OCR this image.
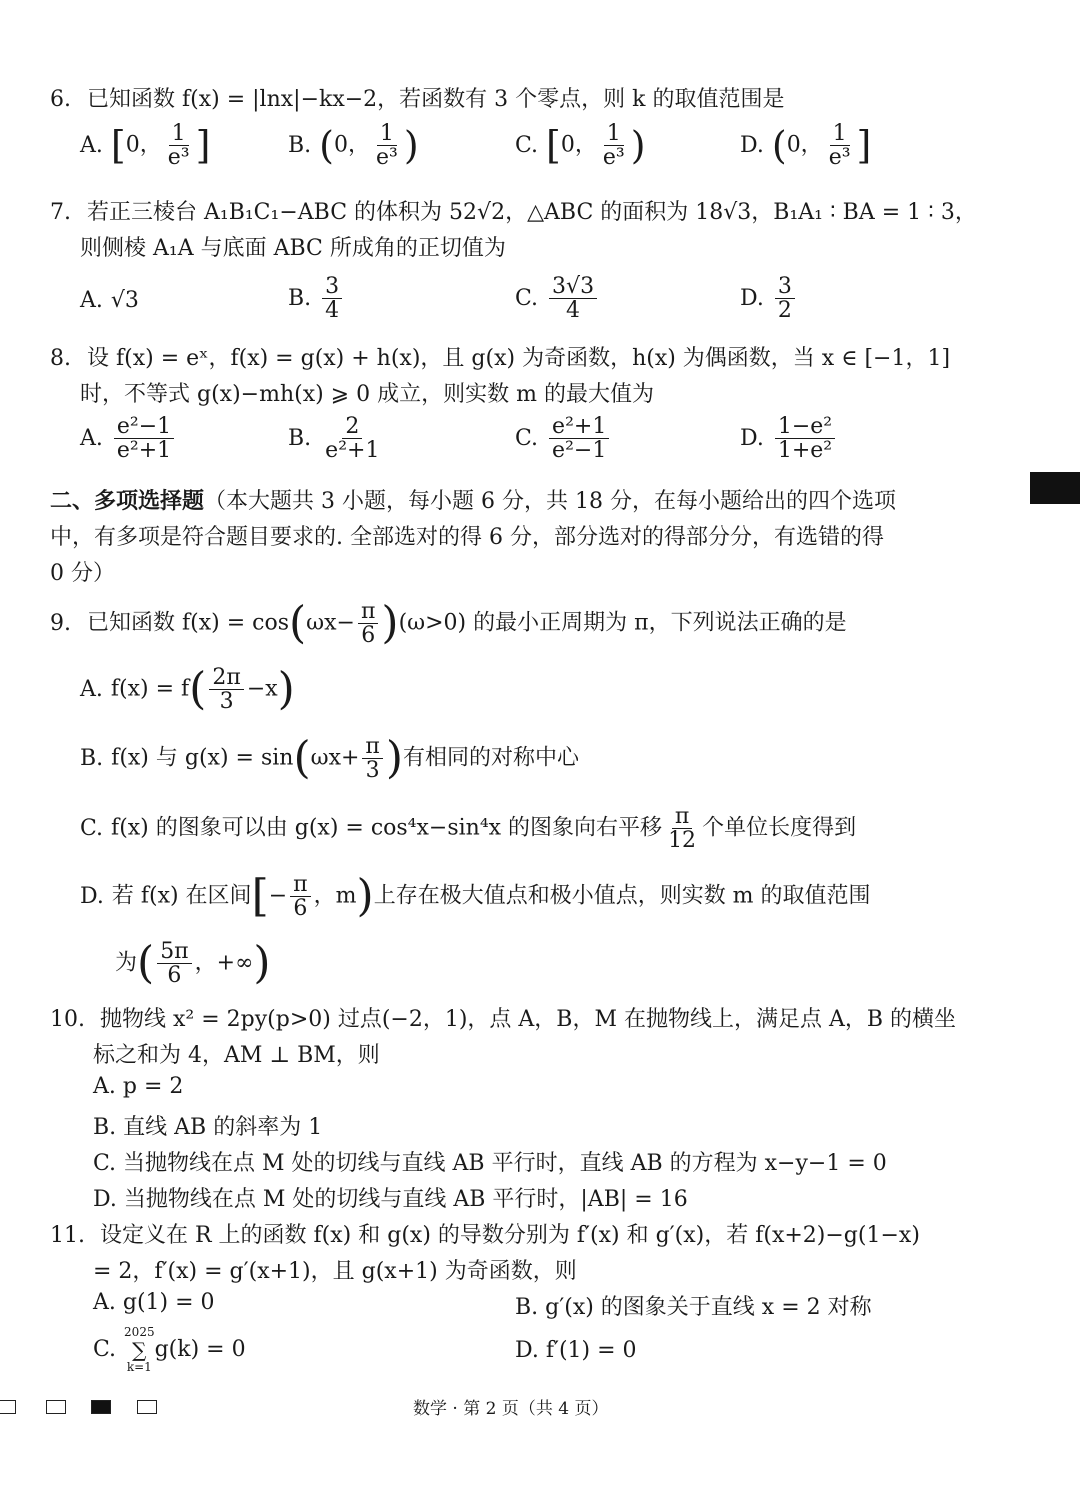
6. 已知函数 f(x) = |lnx|−kx−2，若函数有 3 个零点，则 k 的取值范围是
A. [0， $\frac{1}{\text{e³}}$ ]	B. (0， $\frac{1}{\text{e³}}$ )	C. [0， $\frac{1}{\text{e³}}$ )	D. (0， $\frac{1}{\text{e³}}$ ]
7. 若正三棱台 A₁B₁C₁−ABC 的体积为 52√2，△ABC 的面积为 18√3，B₁A₁ ∶ BA = 1 ∶ 3，
则侧棱 A₁A 与底面 ABC 所成角的正切值为
A. √3	B. $\frac{3}{4}$	C. $\frac{3√3}{4}$	D. $\frac{3}{2}$
8. 设 f(x) = eˣ，f(x) = g(x) + h(x)，且 g(x) 为奇函数，h(x) 为偶函数，当 x ∈ [−1，1]
时，不等式 g(x)−mh(x) ⩾ 0 成立，则实数 m 的最大值为
A. $\frac{\text{e²−1}}{\text{e²+1}}$	B. $\frac{2}{\text{e²+1}}$	C. $\frac{\text{e²+1}}{\text{e²−1}}$	D. $\frac{\text{1−e²}}{\text{1+e²}}$
二、多项选择题（本大题共 3 小题，每小题 6 分，共 18 分，在每小题给出的四个选项
中，有多项是符合题目要求的. 全部选对的得 6 分，部分选对的得部分分，有选错的得
0 分）
9. 已知函数 $f(x) = \cos(\omega x- \frac{\pi}{6} )(\omega>0)$ 的最小正周期为 π，下列说法正确的是
A. $f(x) = f( \frac{2\pi}{3} -x)$
B. f(x) 与 $g(x) = \sin(\omega x+ \frac{\pi}{3}$ )有相同的对称中心
C. f(x) 的图象可以由 g(x) = cos⁴x−sin⁴x 的图象向右平移 $\frac{\pi}{12}$ 个单位长度得到
D. 若 f(x) 在区间[− $\frac{\pi}{6}$ ，m)上存在极大值点和极小值点，则实数 m 的取值范围
为( $\frac{5\pi}{6}$ ，+∞)
10. 抛物线 x² = 2py(p>0) 过点(−2，1)，点 A，B，M 在抛物线上，满足点 A，B 的横坐
标之和为 4，AM ⊥ BM，则
A. p = 2
B. 直线 AB 的斜率为 1
C. 当抛物线在点 M 处的切线与直线 AB 平行时，直线 AB 的方程为 x−y−1 = 0
D. 当抛物线在点 M 处的切线与直线 AB 平行时，|AB| = 16
11. 设定义在 R 上的函数 f(x) 和 g(x) 的导数分别为 f′(x) 和 g′(x)，若 f(x+2)−g(1−x)
= 2，f′(x) = g′(x+1)，且 g(x+1) 为奇函数，则
A. g(1) = 0	B. g′(x) 的图象关于直线 x = 2 对称
C.
2025
∑
k=1
g(k) = 0	D. f′(1) = 0
数学 · 第 2 页（共 4 页）
